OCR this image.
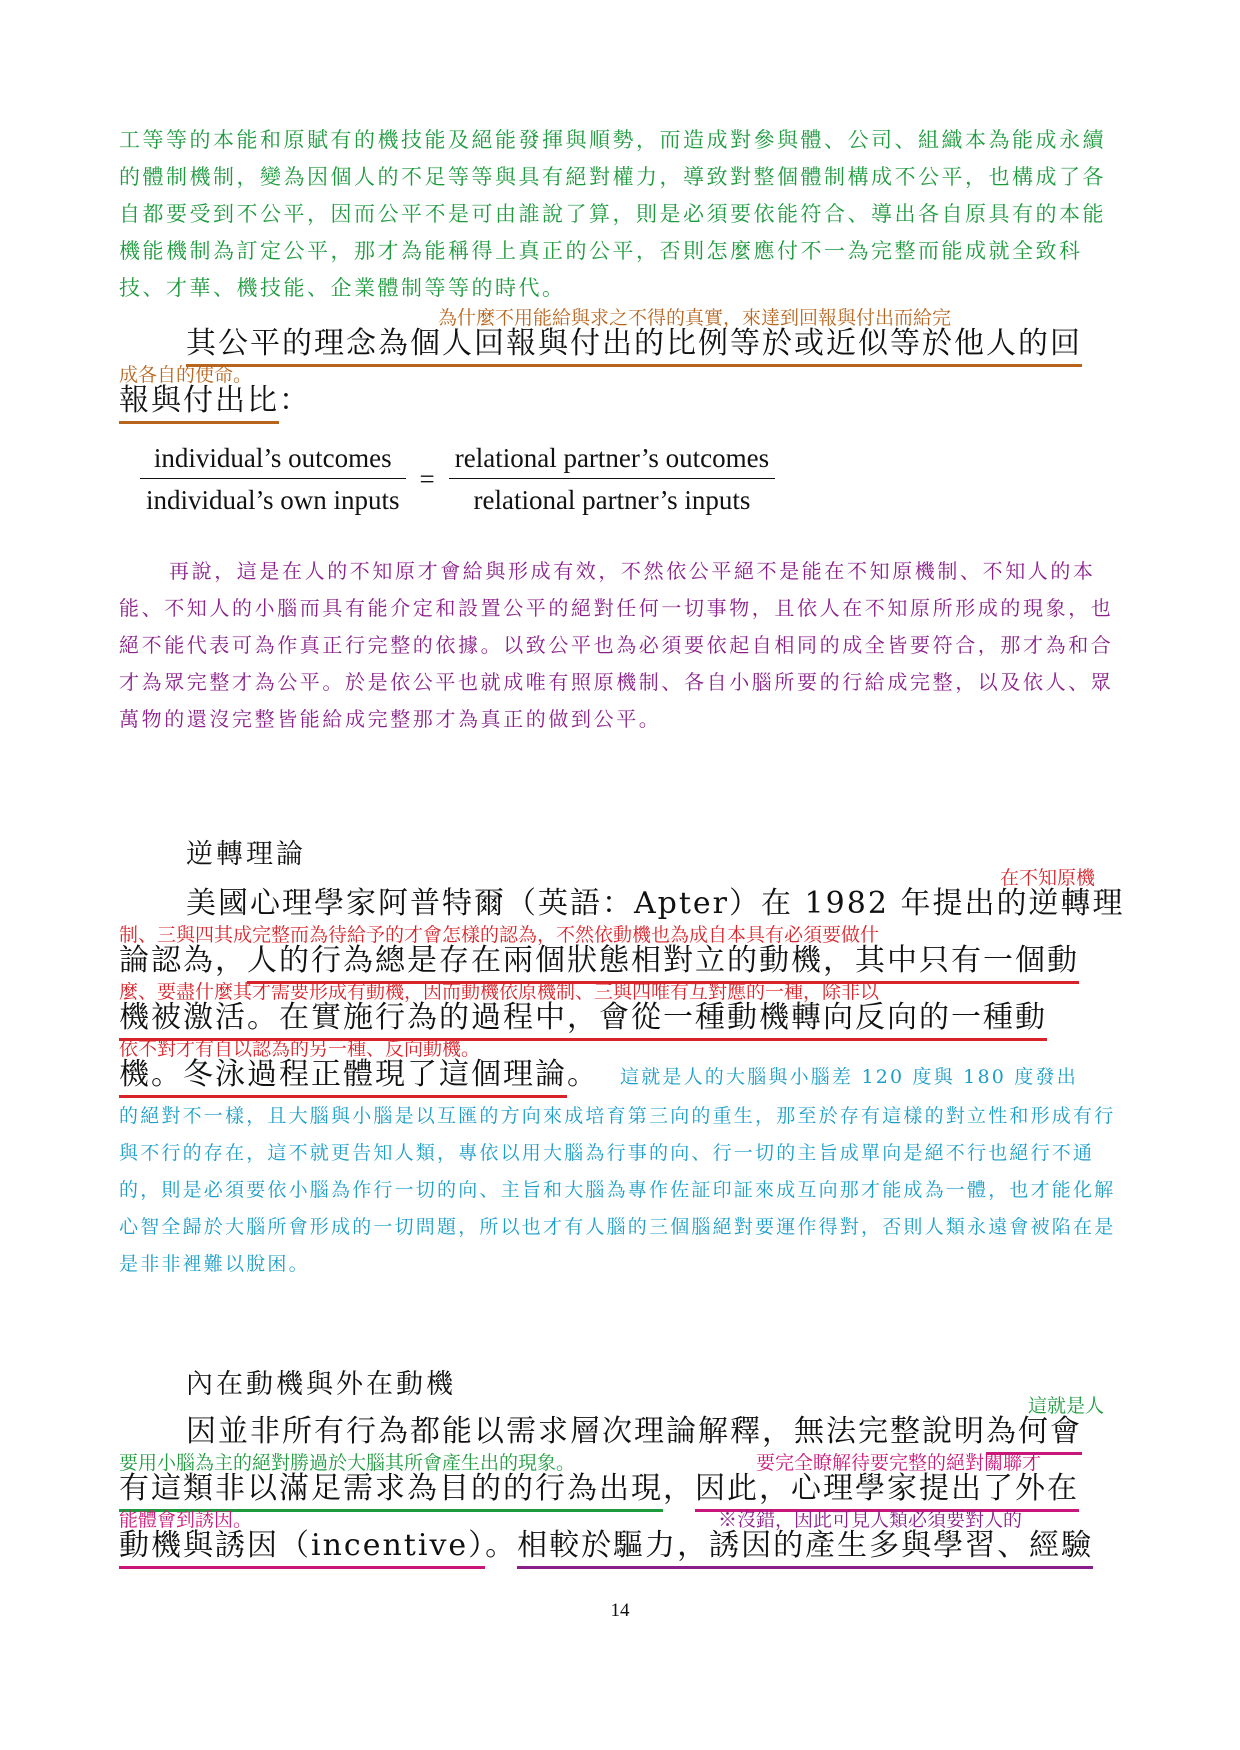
工等等的本能和原賦有的機技能及絕能發揮與順勢，而造成對參與體、公司、組織本為能成永續的體制機制，變為因個人的不足等等與具有絕對權力，導致對整個體制構成不公平，也構成了各自都要受到不公平，因而公平不是可由誰說了算，則是必須要依能符合、導出各自原具有的本能機能機制為訂定公平，那才為能稱得上真正的公平，否則怎麼應付不一為完整而能成就全致科技、才華、機技能、企業體制等等的時代。
為什麼不用能給與求之不得的真實，來達到回報與付出而給完
其公平的理念為個人回報與付出的比例等於或近似等於他人的回
成各自的使命。
報與付出比：
$\frac{\text{individual’s outcomes}}{\text{individual’s own inputs}} = \frac{\text{relational partner’s outcomes}}{\text{relational partner’s inputs}}$
再說，這是在人的不知原才會給與形成有效，不然依公平絕不是能在不知原機制、不知人的本能、不知人的小腦而具有能介定和設置公平的絕對任何一切事物，且依人在不知原所形成的現象，也絕不能代表可為作真正行完整的依據。以致公平也為必須要依起自相同的成全皆要符合，那才為和合才為眾完整才為公平。於是依公平也就成唯有照原機制、各自小腦所要的行給成完整，以及依人、眾萬物的還沒完整皆能給成完整那才為真正的做到公平。
逆轉理論
在不知原機
美國心理學家阿普特爾（英語：Apter）在 1982 年提出的逆轉理
制、三與四其成完整而為待給予的才會怎樣的認為，不然依動機也為成自本具有必須要做什
論認為，人的行為總是存在兩個狀態相對立的動機，其中只有一個動
麼、要盡什麼其才需要形成有動機，因而動機依原機制、三與四唯有互對應的一種，除非以
機被激活。在實施行為的過程中，會從一種動機轉向反向的一種動
依不對才有自以認為的另一種、反向動機。
機。冬泳過程正體現了這個理論。 這就是人的大腦與小腦差 120 度與 180 度發出
的絕對不一樣，且大腦與小腦是以互匯的方向來成培育第三向的重生，那至於存有這樣的對立性和形成有行與不行的存在，這不就更告知人類，專依以用大腦為行事的向、行一切的主旨成單向是絕不行也絕行不通的，則是必須要依小腦為作行一切的向、主旨和大腦為專作佐証印証來成互向那才能成為一體，也才能化解心智全歸於大腦所會形成的一切問題，所以也才有人腦的三個腦絕對要運作得對，否則人類永遠會被陷在是是非非裡難以脫困。
內在動機與外在動機
這就是人
因並非所有行為都能以需求層次理論解釋，無法完整說明為何會
要用小腦為主的絕對勝過於大腦其所會產生出的現象。	要完全瞭解待要完整的絕對關聯才
有這類非以滿足需求為目的的行為出現，因此，心理學家提出了外在
能體會到誘因。	※沒錯，因此可見人類必須要對人的
動機與誘因（incentive）。相較於驅力，誘因的產生多與學習、經驗
14
